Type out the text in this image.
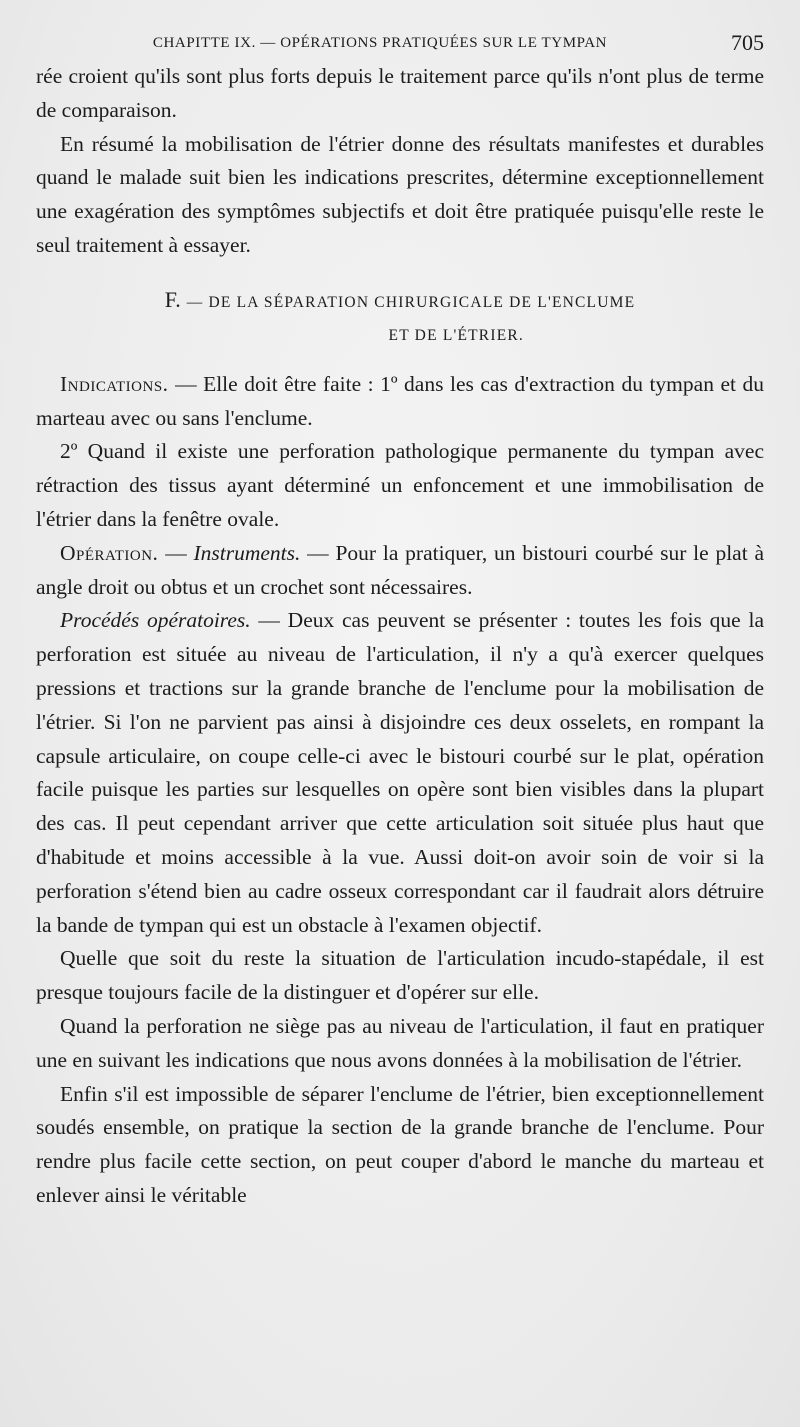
CHAPITTE IX. — OPÉRATIONS PRATIQUÉES SUR LE TYMPAN	705

rée croient qu'ils sont plus forts depuis le traitement parce qu'ils n'ont plus de terme de comparaison.

En résumé la mobilisation de l'étrier donne des résultats manifestes et durables quand le malade suit bien les indications prescrites, détermine exceptionnellement une exagération des symptômes subjectifs et doit être pratiquée puisqu'elle reste le seul traitement à essayer.

F. — DE LA SÉPARATION CHIRURGICALE DE L'ENCLUME
ET DE L'ÉTRIER.

Indications. — Elle doit être faite : 1º dans les cas d'extraction du tympan et du marteau avec ou sans l'enclume.

2º Quand il existe une perforation pathologique permanente du tympan avec rétraction des tissus ayant déterminé un enfoncement et une immobilisation de l'étrier dans la fenêtre ovale.

Opération. — Instruments. — Pour la pratiquer, un bistouri courbé sur le plat à angle droit ou obtus et un crochet sont nécessaires.

Procédés opératoires. — Deux cas peuvent se présenter : toutes les fois que la perforation est située au niveau de l'articulation, il n'y a qu'à exercer quelques pressions et tractions sur la grande branche de l'enclume pour la mobilisation de l'étrier. Si l'on ne parvient pas ainsi à disjoindre ces deux osselets, en rompant la capsule articulaire, on coupe celle-ci avec le bistouri courbé sur le plat, opération facile puisque les parties sur lesquelles on opère sont bien visibles dans la plupart des cas. Il peut cependant arriver que cette articulation soit située plus haut que d'habitude et moins accessible à la vue. Aussi doit-on avoir soin de voir si la perforation s'étend bien au cadre osseux correspondant car il faudrait alors détruire la bande de tympan qui est un obstacle à l'examen objectif.

Quelle que soit du reste la situation de l'articulation incudo-stapédale, il est presque toujours facile de la distinguer et d'opérer sur elle.

Quand la perforation ne siège pas au niveau de l'articulation, il faut en pratiquer une en suivant les indications que nous avons données à la mobilisation de l'étrier.

Enfin s'il est impossible de séparer l'enclume de l'étrier, bien exceptionnellement soudés ensemble, on pratique la section de la grande branche de l'enclume. Pour rendre plus facile cette section, on peut couper d'abord le manche du marteau et enlever ainsi le véritable
